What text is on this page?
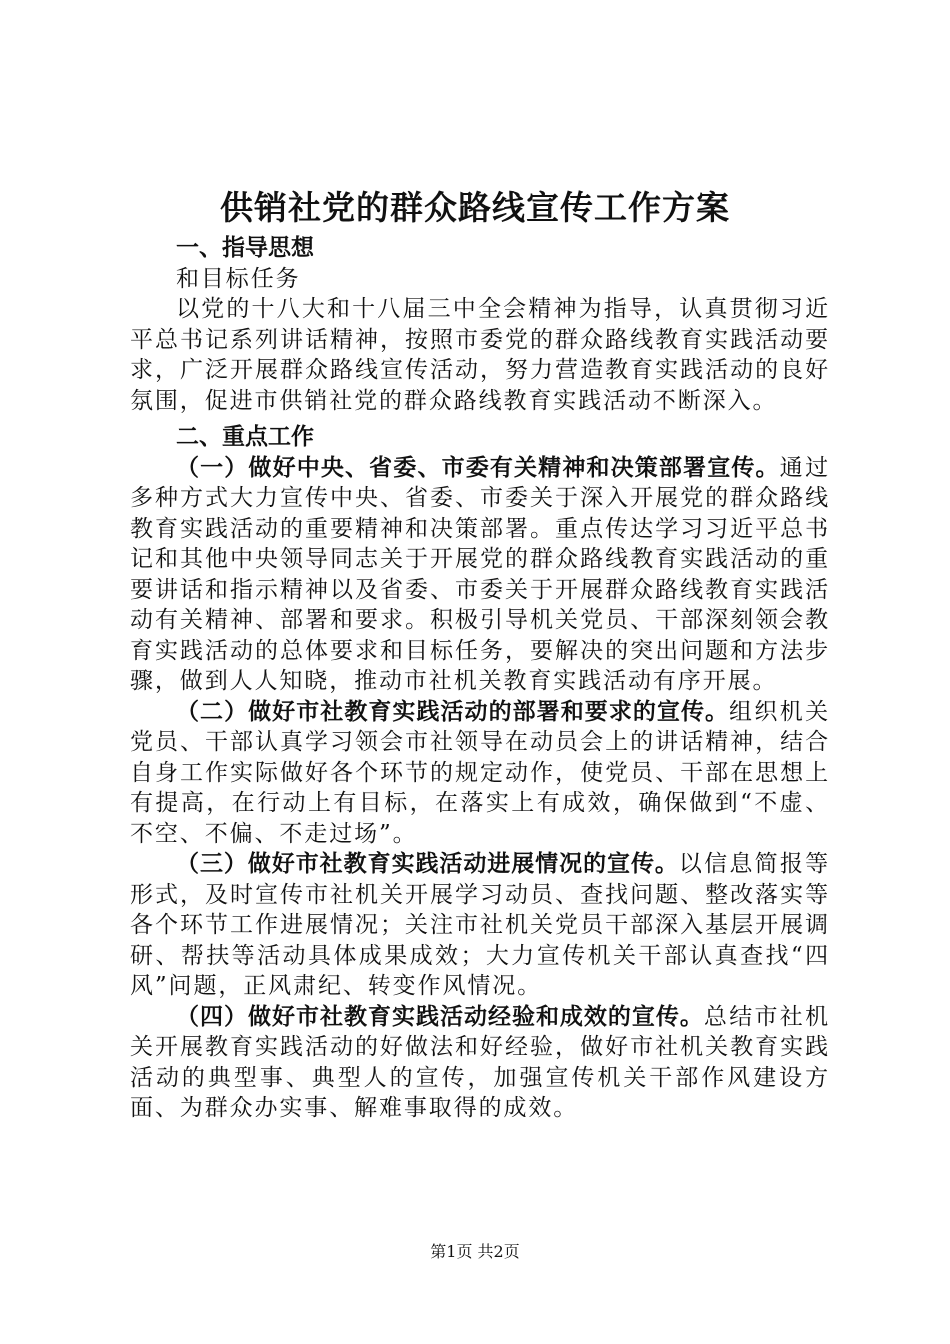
供销社党的群众路线宣传工作方案

一、指导思想

和目标任务

以党的十八大和十八届三中全会精神为指导，认真贯彻习近平总书记系列讲话精神，按照市委党的群众路线教育实践活动要求，广泛开展群众路线宣传活动，努力营造教育实践活动的良好氛围，促进市供销社党的群众路线教育实践活动不断深入。

二、重点工作

（一）做好中央、省委、市委有关精神和决策部署宣传。通过多种方式大力宣传中央、省委、市委关于深入开展党的群众路线教育实践活动的重要精神和决策部署。重点传达学习习近平总书记和其他中央领导同志关于开展党的群众路线教育实践活动的重要讲话和指示精神以及省委、市委关于开展群众路线教育实践活动有关精神、部署和要求。积极引导机关党员、干部深刻领会教育实践活动的总体要求和目标任务，要解决的突出问题和方法步骤，做到人人知晓，推动市社机关教育实践活动有序开展。

（二）做好市社教育实践活动的部署和要求的宣传。组织机关党员、干部认真学习领会市社领导在动员会上的讲话精神，结合自身工作实际做好各个环节的规定动作，使党员、干部在思想上有提高，在行动上有目标，在落实上有成效，确保做到“不虚、不空、不偏、不走过场”。

（三）做好市社教育实践活动进展情况的宣传。以信息简报等形式，及时宣传市社机关开展学习动员、查找问题、整改落实等各个环节工作进展情况；关注市社机关党员干部深入基层开展调研、帮扶等活动具体成果成效；大力宣传机关干部认真查找“四风”问题，正风肃纪、转变作风情况。

（四）做好市社教育实践活动经验和成效的宣传。总结市社机关开展教育实践活动的好做法和好经验，做好市社机关教育实践活动的典型事、典型人的宣传，加强宣传机关干部作风建设方面、为群众办实事、解难事取得的成效。

第1页 共2页
